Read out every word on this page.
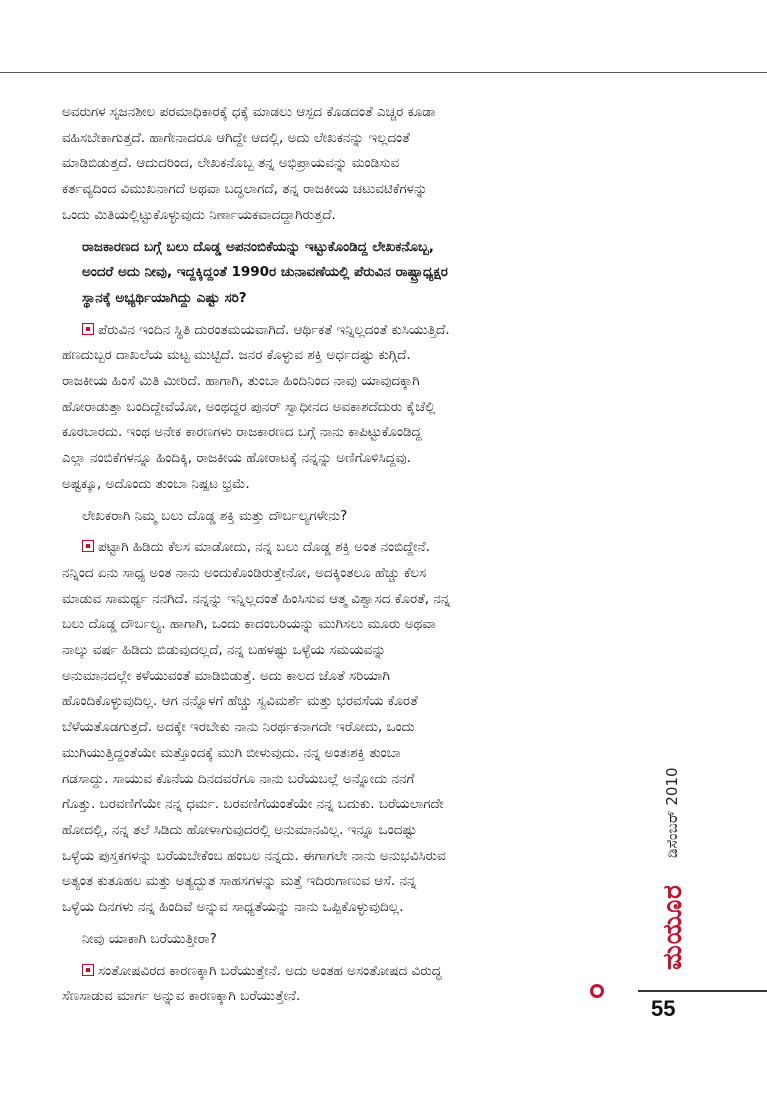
ಅವರುಗಳ ಸೃಜನಶೀಲ ಪರಮಾಧಿಕಾರಕ್ಕೆ ಧಕ್ಕೆ ಮಾಡಲು ಆಸ್ಪದ ಕೊಡದಂತೆ ಎಚ್ಚರ ಕೂಡಾ

ವಹಿಸಬೇಕಾಗುತ್ತದೆ. ಹಾಗೇನಾದರೂ ಆಗಿದ್ದೇ ಆದಲ್ಲಿ, ಅದು ಲೇಖಕನನ್ನು ಇಲ್ಲದಂತೆ

ಮಾಡಿಬಿಡುತ್ತದೆ. ಆದುದರಿಂದ, ಲೇಖಕನೊಬ್ಬ ತನ್ನ ಅಭಿಪ್ರಾಯವನ್ನು ಮಂಡಿಸುವ

ಕರ್ತವ್ಯದಿಂದ ವಿಮುಖನಾಗದೆ ಅಥವಾ ಬದ್ಧಲಾಗದೆ, ತನ್ನ ರಾಜಕೀಯ ಚಟುವಟಿಕೆಗಳನ್ನು

ಒಂದು ಮಿತಿಯಲ್ಲಿಟ್ಟುಕೊಳ್ಳುವುದು ನಿರ್ಣಾಯಕವಾದದ್ದಾಗಿರುತ್ತದೆ.

ರಾಜಕಾರಣದ ಬಗ್ಗೆ ಬಲು ದೊಡ್ಡ ಅಪನಂಬಿಕೆಯನ್ನು ಇಟ್ಟುಕೊಂಡಿದ್ದ ಲೇಖಕನೊಬ್ಬ,

ಅಂದರೆ ಅದು ನೀವು, ಇದ್ದಕ್ಕಿದ್ದಂತೆ 1990ರ ಚುನಾವಣೆಯಲ್ಲಿ ಪೆರುವಿನ ರಾಷ್ಟ್ರಾಧ್ಯಕ್ಷರ

ಸ್ಥಾನಕ್ಕೆ ಅಭ್ಯರ್ಥಿಯಾಗಿದ್ದು ಎಷ್ಟು ಸರಿ?

ಪೆರುವಿನ ಇಂದಿನ ಸ್ಥಿತಿ ದುರಂತಮಯವಾಗಿದೆ. ಆರ್ಥಿಕತೆ ಇನ್ನಿಲ್ಲದಂತೆ ಕುಸಿಯುತ್ತಿದೆ.

ಹಣದುಬ್ಬರ ದಾಖಲೆಯ ಮಟ್ಟ ಮುಟ್ಟಿದೆ. ಜನರ ಕೊಳ್ಳುವ ಶಕ್ತಿ ಅರ್ಧದಷ್ಟು ಕುಗ್ಗಿದೆ.

ರಾಜಕೀಯ ಹಿಂಸೆ ಮಿತಿ ಮೀರಿದೆ. ಹಾಗಾಗಿ, ತುಂಬಾ ಹಿಂದಿನಿಂದ ನಾವು ಯಾವುದಕ್ಕಾಗಿ

ಹೋರಾಡುತ್ತಾ ಬಂದಿದ್ದೇವೆಯೋ, ಅಂಥದ್ದರ ಪುನರ್ ಸ್ವಾಧೀನದ ಅವಕಾಶದೆದುರು ಕೈಚೆಲ್ಲಿ

ಕೂರಬಾರದು. ಇಂಥ ಅನೇಕ ಕಾರಣಗಳು ರಾಜಕಾರಣದ ಬಗ್ಗೆ ನಾನು ಕಾಪಿಟ್ಟುಕೊಂಡಿದ್ದ

ಎಲ್ಲಾ ನಂಬಿಕೆಗಳನ್ನೂ ಹಿಂದಿಕ್ಕಿ, ರಾಜಕೀಯ ಹೋರಾಟಕ್ಕೆ ನನ್ನನ್ನು ಅಣಿಗೊಳಿಸಿದ್ದವು.

ಅಷ್ಟಕ್ಕೂ, ಅದೊಂದು ತುಂಬಾ ನಿಷ್ಪಟ ಭ್ರಮೆ.

ಲೇಖಕರಾಗಿ ನಿಮ್ಮ ಬಲು ದೊಡ್ಡ ಶಕ್ತಿ ಮತ್ತು ದೌರ್ಬಲ್ಯಗಳೇನು?

ಪಟ್ಟಾಗಿ ಹಿಡಿದು ಕೆಲಸ ಮಾಡೋದು, ನನ್ನ ಬಲು ದೊಡ್ಡ ಶಕ್ತಿ ಅಂತ ನಂಬಿದ್ದೇನೆ.

ನನ್ನಿಂದ ಏನು ಸಾಧ್ಯ ಅಂತ ನಾನು ಅಂದುಕೊಂಡಿರುತ್ತೇನೋ, ಅದಕ್ಕಿಂತಲೂ ಹೆಚ್ಚು ಕೆಲಸ

ಮಾಡುವ ಸಾಮರ್ಥ್ಯ ನನಗಿದೆ. ನನ್ನನ್ನು ಇನ್ನಿಲ್ಲದಂತೆ ಹಿಂಸಿಸುವ ಆತ್ಮ ವಿಶ್ವಾಸದ ಕೊರತೆ, ನನ್ನ

ಬಲು ದೊಡ್ಡ ದೌರ್ಬಲ್ಯ. ಹಾಗಾಗಿ, ಒಂದು ಕಾದಂಬರಿಯನ್ನು ಮುಗಿಸಲು ಮೂರು ಅಥವಾ

ನಾಲ್ಕು ವರ್ಷ ಹಿಡಿದು ಬಿಡುವುದಲ್ಲದೆ, ನನ್ನ ಬಹಳಷ್ಟು ಒಳ್ಳೆಯ ಸಮಯವನ್ನು

ಅನುಮಾನದಲ್ಲೇ ಕಳೆಯುವಂತೆ ಮಾಡಿಬಿಡುತ್ತೆ. ಅದು ಕಾಲದ ಜೊತೆ ಸರಿಯಾಗಿ

ಹೊಂದಿಕೊಳ್ಳುವುದಿಲ್ಲ. ಆಗ ನನ್ನೊಳಗೆ ಹೆಚ್ಚು ಸ್ವವಿಮರ್ಶೆ ಮತ್ತು ಭರವಸೆಯ ಕೊರತೆ

ಬೆಳೆಯತೊಡಗುತ್ತದೆ. ಅದಕ್ಕೇ ಇರಬೇಕು ನಾನು ನಿರರ್ಥಕನಾಗದೇ ಇರೋದು, ಒಂದು

ಮುಗಿಯುತ್ತಿದ್ದಂತೆಯೇ ಮತ್ತೊಂದಕ್ಕೆ ಮುಗಿ ಬೀಳುವುದು. ನನ್ನ ಅಂತಃಶಕ್ತಿ ತುಂಬಾ

ಗಡಸಾದ್ದು. ಸಾಯುವ ಕೊನೆಯ ದಿನದವರೆಗೂ ನಾನು ಬರೆಯಬಲ್ಲೆ ಅನ್ನೋದು ನನಗೆ

ಗೊತ್ತು. ಬರವಣಿಗೆಯೇ ನನ್ನ ಧರ್ಮ. ಬರವಣಿಗೆಯಂತೆಯೇ ನನ್ನ ಬದುಕು. ಬರೆಯಲಾಗದೇ

ಹೋದಲ್ಲಿ, ನನ್ನ ತಲೆ ಸಿಡಿದು ಹೋಳಾಗುವುದರಲ್ಲಿ ಅನುಮಾನವಿಲ್ಲ. ಇನ್ನೂ ಒಂದಷ್ಟು

ಒಳ್ಳೆಯ ಪುಸ್ತಕಗಳನ್ನು ಬರೆಯಬೇಕೆಂಬ ಹಂಬಲ ನನ್ನದು. ಈಗಾಗಲೇ ನಾನು ಅನುಭವಿಸಿರುವ

ಅತ್ಯಂತ ಕುತೂಹಲ ಮತ್ತು ಅತ್ಯದ್ಭುತ ಸಾಹಸಗಳನ್ನು ಮತ್ತೆ ಇದಿರುಗಾಣುವ ಆಸೆ. ನನ್ನ

ಒಳ್ಳೆಯ ದಿನಗಳು ನನ್ನ ಹಿಂದಿವೆ ಅನ್ನುವ ಸಾಧ್ಯತೆಯನ್ನು ನಾನು ಒಪ್ಪಿಕೊಳ್ಳುವುದಿಲ್ಲ.

ನೀವು ಯಾಕಾಗಿ ಬರೆಯುತ್ತೀರಾ?

ಸಂತೋಷವಿರದ ಕಾರಣಕ್ಕಾಗಿ ಬರೆಯುತ್ತೇನೆ. ಅದು ಅಂತಹ ಅಸಂತೋಷದ ವಿರುದ್ಧ

ಸೆಣಸಾಡುವ ಮಾರ್ಗ ಅನ್ನುವ ಕಾರಣಕ್ಕಾಗಿ ಬರೆಯುತ್ತೇನೆ.

ಡಿಸೆಂಬರ್ 2010
ಮಯೂರ
55
